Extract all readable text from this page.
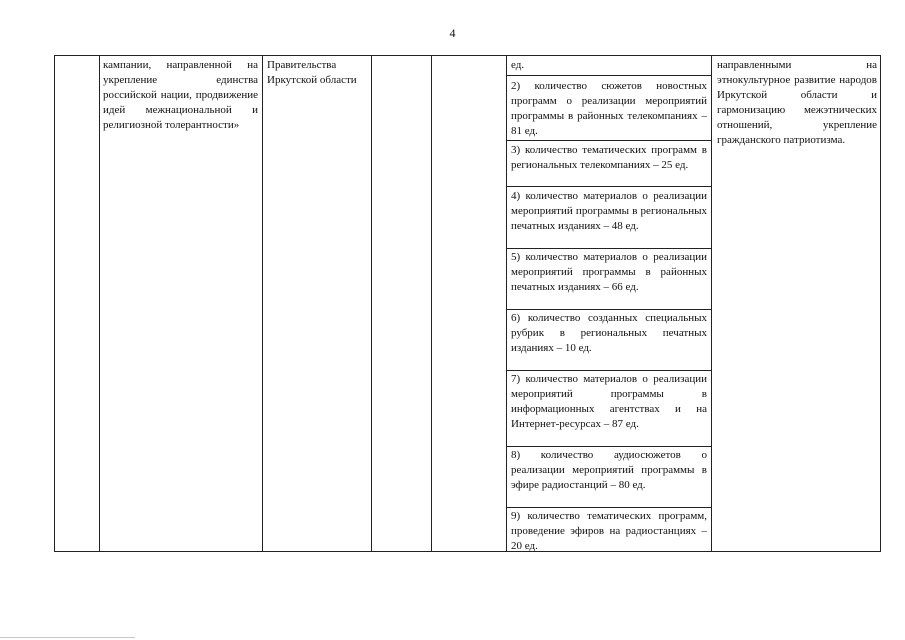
4
кампании, направленной на укрепление единства российской нации, продвижение идей межнациональной и религиозной толерантности»
Правительства Иркутской области
ед.
2) количество сюжетов новостных программ о реализации мероприятий программы в районных телекомпаниях – 81 ед.
3) количество тематических программ в региональных телекомпаниях – 25 ед.
4) количество материалов о реализации мероприятий программы в региональных печатных изданиях – 48 ед.
5) количество материалов о реализации мероприятий программы в районных печатных изданиях – 66 ед.
6) количество созданных специальных рубрик в региональных печатных изданиях – 10 ед.
7) количество материалов о реализации мероприятий программы в информационных агентствах и на Интернет-ресурсах – 87 ед.
8) количество аудиосюжетов о реализации мероприятий программы в эфире радиостанций – 80 ед.
9) количество тематических программ, проведение эфиров на радиостанциях – 20 ед.
направленными на этнокультурное развитие народов Иркутской области и гармонизацию межэтнических отношений, укрепление гражданского патриотизма.
